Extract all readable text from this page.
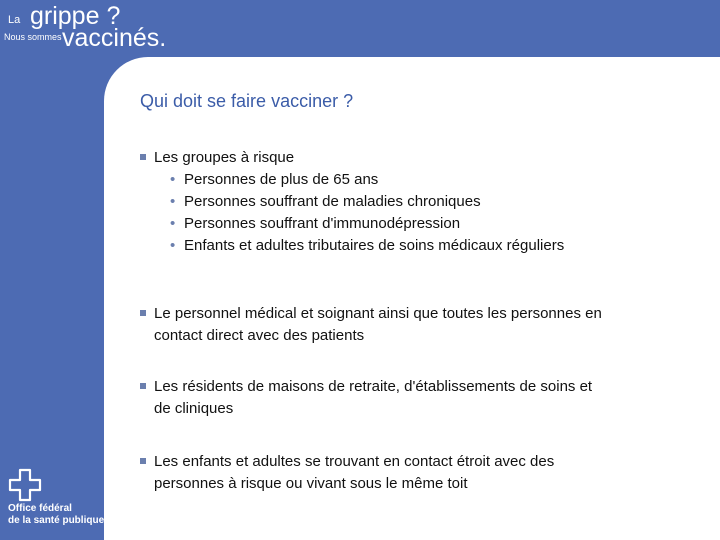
La grippe ?
Nous sommes vaccinés.
Qui doit se faire vacciner ?
Les groupes à risque
• Personnes de plus de 65 ans
• Personnes souffrant de maladies chroniques
• Personnes souffrant d'immunodépression
• Enfants et adultes tributaires de soins médicaux réguliers
Le personnel médical et soignant ainsi que toutes les personnes en
contact direct avec des patients
Les résidents de maisons de retraite, d'établissements de soins et
de cliniques
Les enfants et adultes se trouvant en contact étroit avec des
personnes à risque ou vivant sous le même toit
Office fédéral
de la santé publique
